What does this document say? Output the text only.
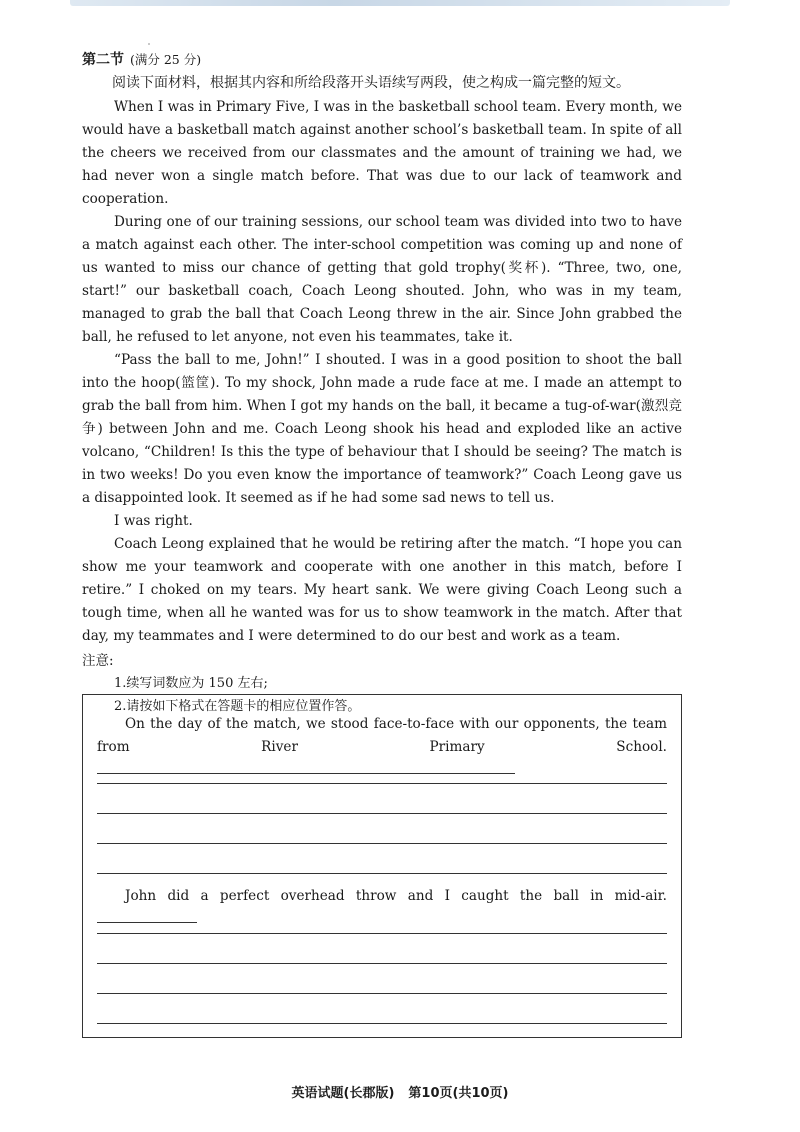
第二节 (满分 25 分)

阅读下面材料，根据其内容和所给段落开头语续写两段，使之构成一篇完整的短文。

When I was in Primary Five, I was in the basketball school team. Every month, we would have a basketball match against another school’s basketball team. In spite of all the cheers we received from our classmates and the amount of training we had, we had never won a single match before. That was due to our lack of teamwork and cooperation.

During one of our training sessions, our school team was divided into two to have a match against each other. The inter-school competition was coming up and none of us wanted to miss our chance of getting that gold trophy(奖杯). “Three, two, one, start!” our basketball coach, Coach Leong shouted. John, who was in my team, managed to grab the ball that Coach Leong threw in the air. Since John grabbed the ball, he refused to let anyone, not even his teammates, take it.

“Pass the ball to me, John!” I shouted. I was in a good position to shoot the ball into the hoop(篮筐). To my shock, John made a rude face at me. I made an attempt to grab the ball from him. When I got my hands on the ball, it became a tug-of-war(激烈竞争) between John and me. Coach Leong shook his head and exploded like an active volcano, “Children! Is this the type of behaviour that I should be seeing? The match is in two weeks! Do you even know the importance of teamwork?” Coach Leong gave us a disappointed look. It seemed as if he had some sad news to tell us.

I was right.

Coach Leong explained that he would be retiring after the match. “I hope you can show me your teamwork and cooperate with one another in this match, before I retire.” I choked on my tears. My heart sank. We were giving Coach Leong such a tough time, when all he wanted was for us to show teamwork in the match. After that day, my teammates and I were determined to do our best and work as a team.

注意:

1.续写词数应为 150 左右;

2.请按如下格式在答题卡的相应位置作答。

On the day of the match, we stood face-to-face with our opponents, the team from River Primary School.
John did a perfect overhead throw and I caught the ball in mid-air.
英语试题(长郡版) 第10页(共10页)
